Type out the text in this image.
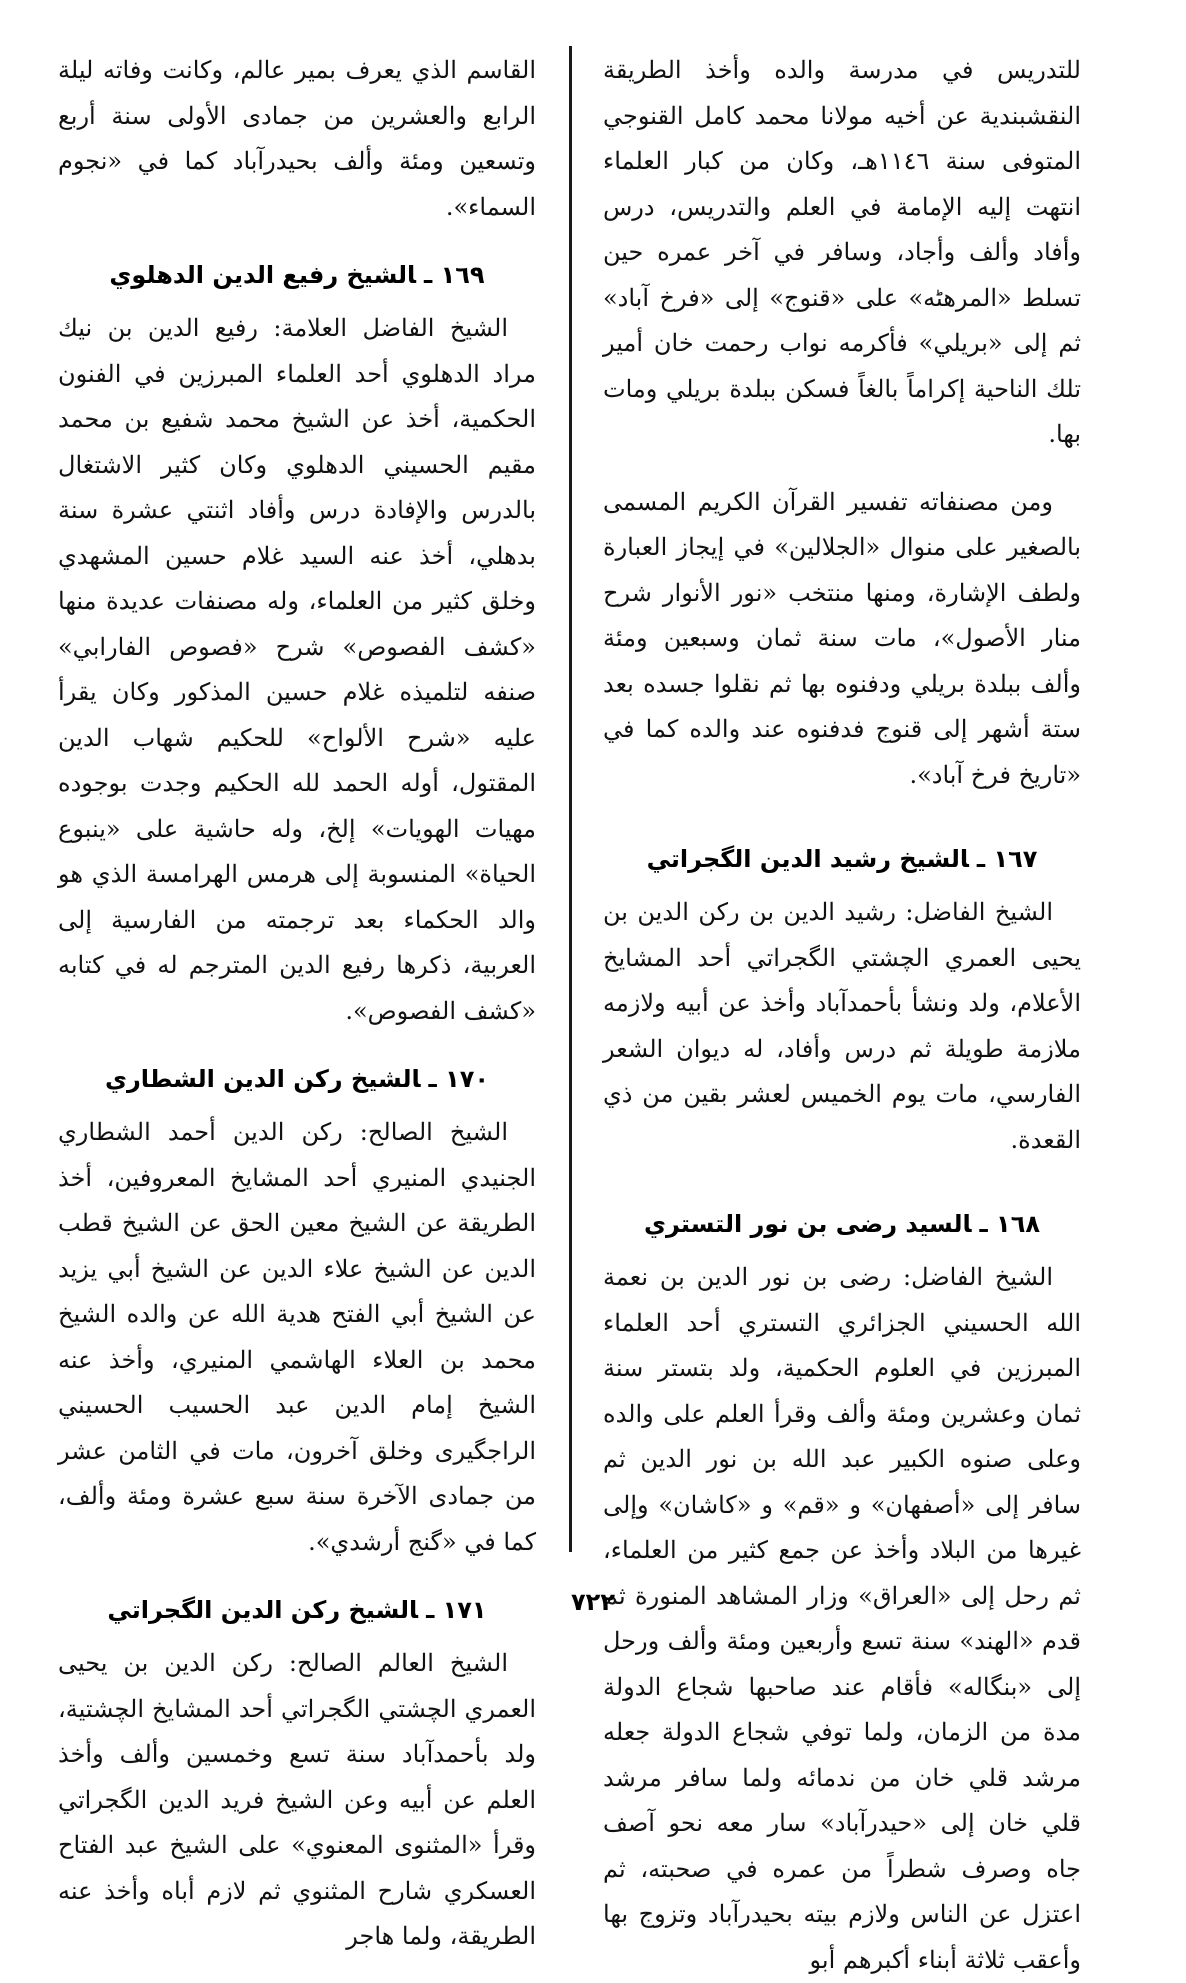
للتدريس في مدرسة والده وأخذ الطريقة النقشبندية عن أخيه مولانا محمد كامل القنوجي المتوفى سنة ١١٤٦هـ، وكان من كبار العلماء انتهت إليه الإمامة في العلم والتدريس، درس وأفاد وألف وأجاد، وسافر في آخر عمره حين تسلط «المرهٹه» على «قنوج» إلى «فرخ آباد» ثم إلى «بريلي» فأكرمه نواب رحمت خان أمير تلك الناحية إكراماً بالغاً فسكن ببلدة بريلي ومات بها.

ومن مصنفاته تفسير القرآن الكريم المسمى بالصغير على منوال «الجلالين» في إيجاز العبارة ولطف الإشارة، ومنها منتخب «نور الأنوار شرح منار الأصول»، مات سنة ثمان وسبعين ومئة وألف ببلدة بريلي ودفنوه بها ثم نقلوا جسده بعد ستة أشهر إلى قنوج فدفنوه عند والده كما في «تاريخ فرخ آباد».

١٦٧ ـالشيخ رشيد الدين الگجراتي

الشيخ الفاضل: رشيد الدين بن ركن الدين بن يحيى العمري الچشتي الگجراتي أحد المشايخ الأعلام، ولد ونشأ بأحمدآباد وأخذ عن أبيه ولازمه ملازمة طويلة ثم درس وأفاد، له ديوان الشعر الفارسي، مات يوم الخميس لعشر بقين من ذي القعدة.

١٦٨ ـالسيد رضى بن نور التستري

الشيخ الفاضل: رضى بن نور الدين بن نعمة الله الحسيني الجزائري التستري أحد العلماء المبرزين في العلوم الحكمية، ولد بتستر سنة ثمان وعشرين ومئة وألف وقرأ العلم على والده وعلى صنوه الكبير عبد الله بن نور الدين ثم سافر إلى «أصفهان» و «قم» و «كاشان» وإلى غيرها من البلاد وأخذ عن جمع كثير من العلماء، ثم رحل إلى «العراق» وزار المشاهد المنورة ثم قدم «الهند» سنة تسع وأربعين ومئة وألف ورحل إلى «بنگاله» فأقام عند صاحبها شجاع الدولة مدة من الزمان، ولما توفي شجاع الدولة جعله مرشد قلي خان من ندمائه ولما سافر مرشد قلي خان إلى «حيدرآباد» سار معه نحو آصف جاه وصرف شطراً من عمره في صحبته، ثم اعتزل عن الناس ولازم بيته بحيدرآباد وتزوج بها وأعقب ثلاثة أبناء أكبرهم أبو

القاسم الذي يعرف بمير عالم، وكانت وفاته ليلة الرابع والعشرين من جمادى الأولى سنة أربع وتسعين ومئة وألف بحيدرآباد كما في «نجوم السماء».

١٦٩ ـالشيخ رفيع الدين الدهلوي

الشيخ الفاضل العلامة: رفيع الدين بن نيك مراد الدهلوي أحد العلماء المبرزين في الفنون الحكمية، أخذ عن الشيخ محمد شفيع بن محمد مقيم الحسيني الدهلوي وكان كثير الاشتغال بالدرس والإفادة درس وأفاد اثنتي عشرة سنة بدهلي، أخذ عنه السيد غلام حسين المشهدي وخلق كثير من العلماء، وله مصنفات عديدة منها «كشف الفصوص» شرح «فصوص الفارابي» صنفه لتلميذه غلام حسين المذكور وكان يقرأ عليه «شرح الألواح» للحكيم شهاب الدين المقتول، أوله الحمد لله الحكيم وجدت بوجوده مهيات الهويات» إلخ، وله حاشية على «ينبوع الحياة» المنسوبة إلى هرمس الهرامسة الذي هو والد الحكماء بعد ترجمته من الفارسية إلى العربية، ذكرها رفيع الدين المترجم له في كتابه «كشف الفصوص».

١٧٠ ـالشيخ ركن الدين الشطاري

الشيخ الصالح: ركن الدين أحمد الشطاري الجنيدي المنيري أحد المشايخ المعروفين، أخذ الطريقة عن الشيخ معين الحق عن الشيخ قطب الدين عن الشيخ علاء الدين عن الشيخ أبي يزيد عن الشيخ أبي الفتح هدية الله عن والده الشيخ محمد بن العلاء الهاشمي المنيري، وأخذ عنه الشيخ إمام الدين عبد الحسيب الحسيني الراجگيرى وخلق آخرون، مات في الثامن عشر من جمادى الآخرة سنة سبع عشرة ومئة وألف، كما في «گنج أرشدي».

١٧١ ـالشيخ ركن الدين الگجراتي

الشيخ العالم الصالح: ركن الدين بن يحيى العمري الچشتي الگجراتي أحد المشايخ الچشتية، ولد بأحمدآباد سنة تسع وخمسين وألف وأخذ العلم عن أبيه وعن الشيخ فريد الدين الگجراتي وقرأ «المثنوى المعنوي» على الشيخ عبد الفتاح العسكري شارح المثنوي ثم لازم أباه وأخذ عنه الطريقة، ولما هاجر

٧٢٢
